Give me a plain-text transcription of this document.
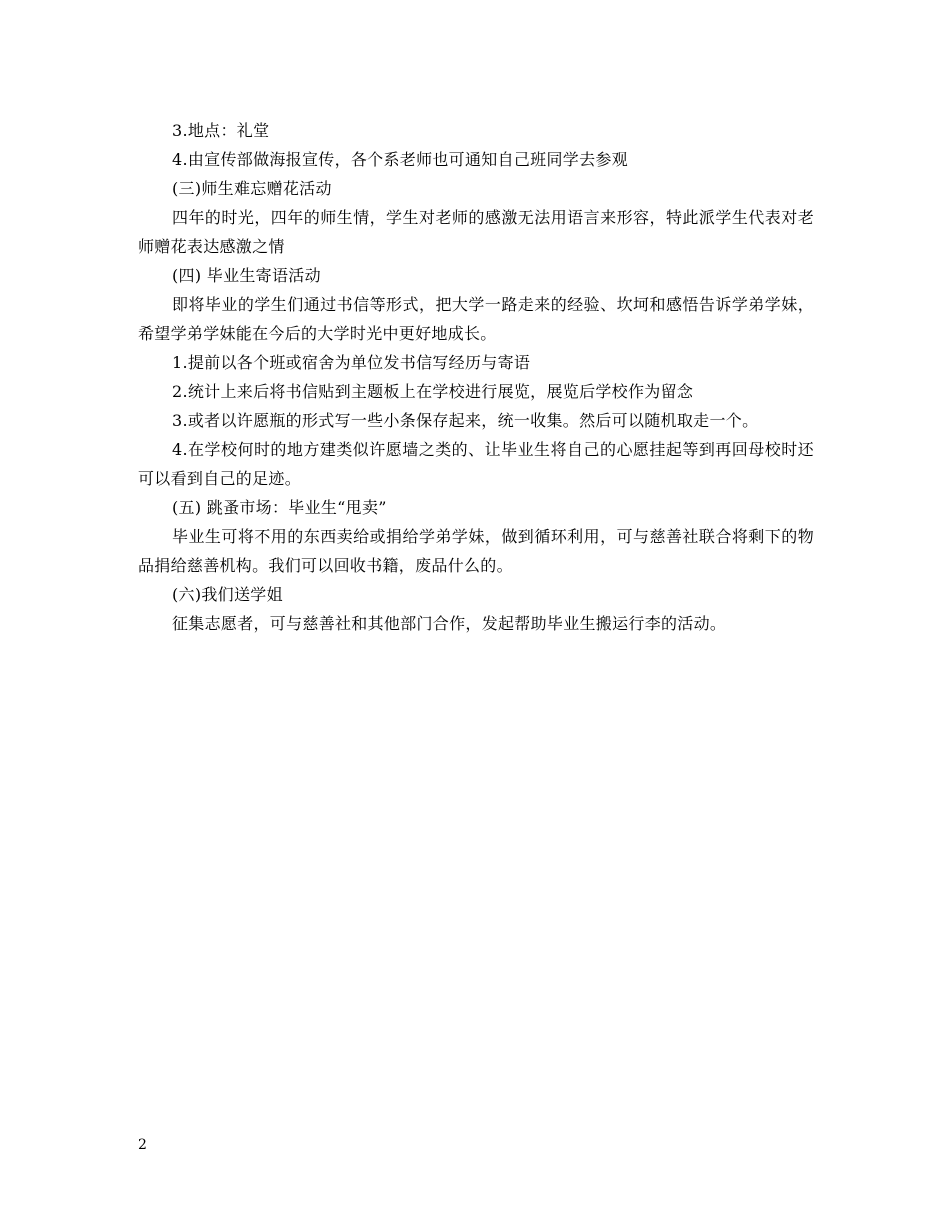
3.地点：礼堂

4.由宣传部做海报宣传，各个系老师也可通知自己班同学去参观

(三)师生难忘赠花活动

四年的时光，四年的师生情，学生对老师的感激无法用语言来形容，特此派学生代表对老师赠花表达感激之情

(四) 毕业生寄语活动

即将毕业的学生们通过书信等形式，把大学一路走来的经验、坎坷和感悟告诉学弟学妹，希望学弟学妹能在今后的大学时光中更好地成长。

1.提前以各个班或宿舍为单位发书信写经历与寄语

2.统计上来后将书信贴到主题板上在学校进行展览，展览后学校作为留念

3.或者以许愿瓶的形式写一些小条保存起来，统一收集。然后可以随机取走一个。

4.在学校何时的地方建类似许愿墙之类的、让毕业生将自己的心愿挂起等到再回母校时还可以看到自己的足迹。

(五) 跳蚤市场：毕业生“甩卖”

毕业生可将不用的东西卖给或捐给学弟学妹，做到循环利用，可与慈善社联合将剩下的物品捐给慈善机构。我们可以回收书籍，废品什么的。

(六)我们送学姐

征集志愿者，可与慈善社和其他部门合作，发起帮助毕业生搬运行李的活动。

2
